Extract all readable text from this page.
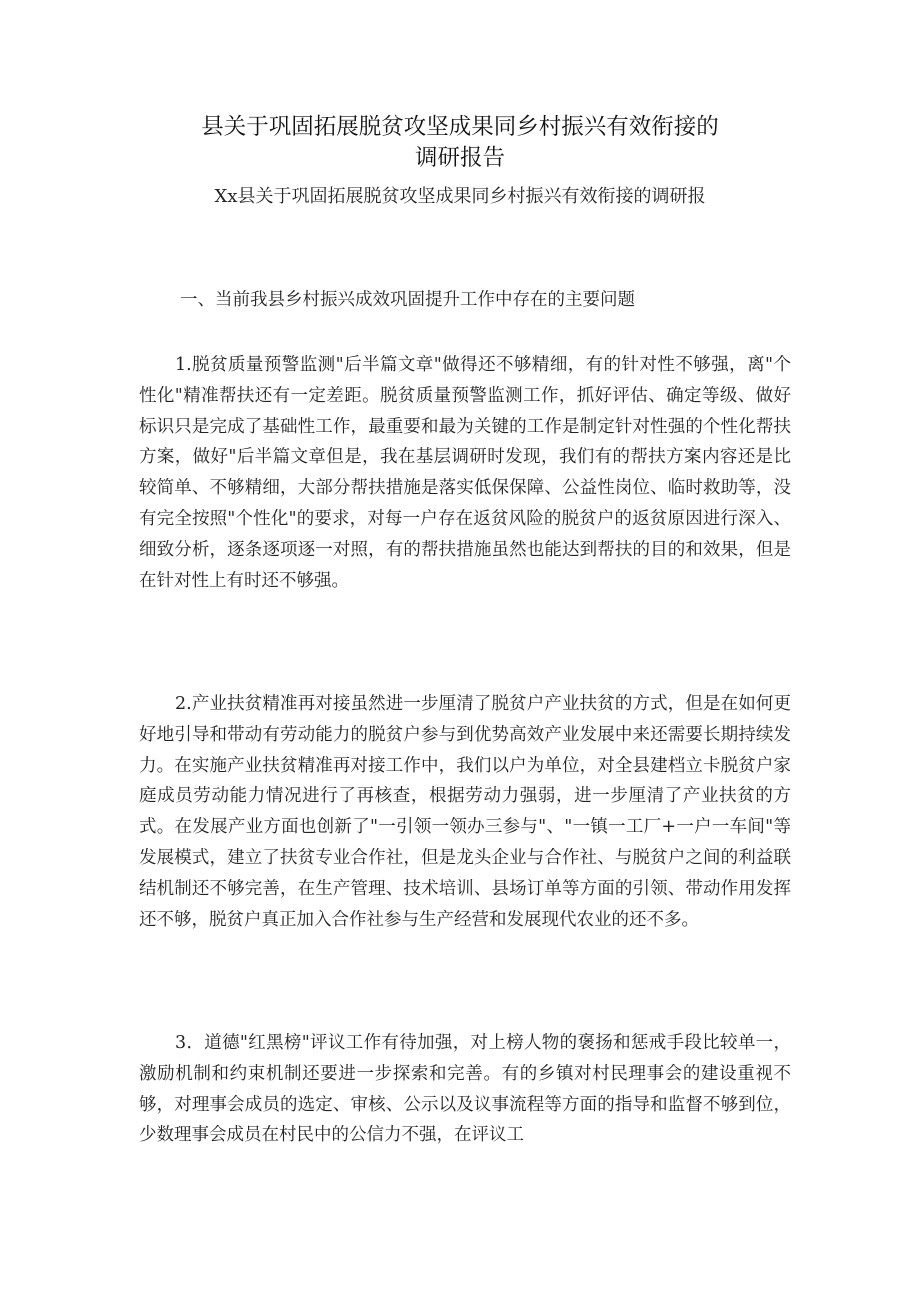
县关于巩固拓展脱贫攻坚成果同乡村振兴有效衔接的
调研报告
Xx县关于巩固拓展脱贫攻坚成果同乡村振兴有效衔接的调研报
一、当前我县乡村振兴成效巩固提升工作中存在的主要问题
1.脱贫质量预警监测"后半篇文章"做得还不够精细，有的针对性不够强，离"个性化"精准帮扶还有一定差距。脱贫质量预警监测工作，抓好评估、确定等级、做好标识只是完成了基础性工作，最重要和最为关键的工作是制定针对性强的个性化帮扶方案，做好"后半篇文章但是，我在基层调研时发现，我们有的帮扶方案内容还是比较简单、不够精细，大部分帮扶措施是落实低保保障、公益性岗位、临时救助等，没有完全按照"个性化"的要求，对每一户存在返贫风险的脱贫户的返贫原因进行深入、细致分析，逐条逐项逐一对照，有的帮扶措施虽然也能达到帮扶的目的和效果，但是在针对性上有时还不够强。
2.产业扶贫精准再对接虽然进一步厘清了脱贫户产业扶贫的方式，但是在如何更好地引导和带动有劳动能力的脱贫户参与到优势高效产业发展中来还需要长期持续发力。在实施产业扶贫精准再对接工作中，我们以户为单位，对全县建档立卡脱贫户家庭成员劳动能力情况进行了再核查，根据劳动力强弱，进一步厘清了产业扶贫的方式。在发展产业方面也创新了"一引领一领办三参与"、"一镇一工厂+一户一车间"等发展模式，建立了扶贫专业合作社，但是龙头企业与合作社、与脱贫户之间的利益联结机制还不够完善，在生产管理、技术培训、县场订单等方面的引领、带动作用发挥还不够，脱贫户真正加入合作社参与生产经营和发展现代农业的还不多。
3．道德"红黑榜"评议工作有待加强，对上榜人物的褒扬和惩戒手段比较单一，激励机制和约束机制还要进一步探索和完善。有的乡镇对村民理事会的建设重视不够，对理事会成员的选定、审核、公示以及议事流程等方面的指导和监督不够到位，少数理事会成员在村民中的公信力不强，在评议工
